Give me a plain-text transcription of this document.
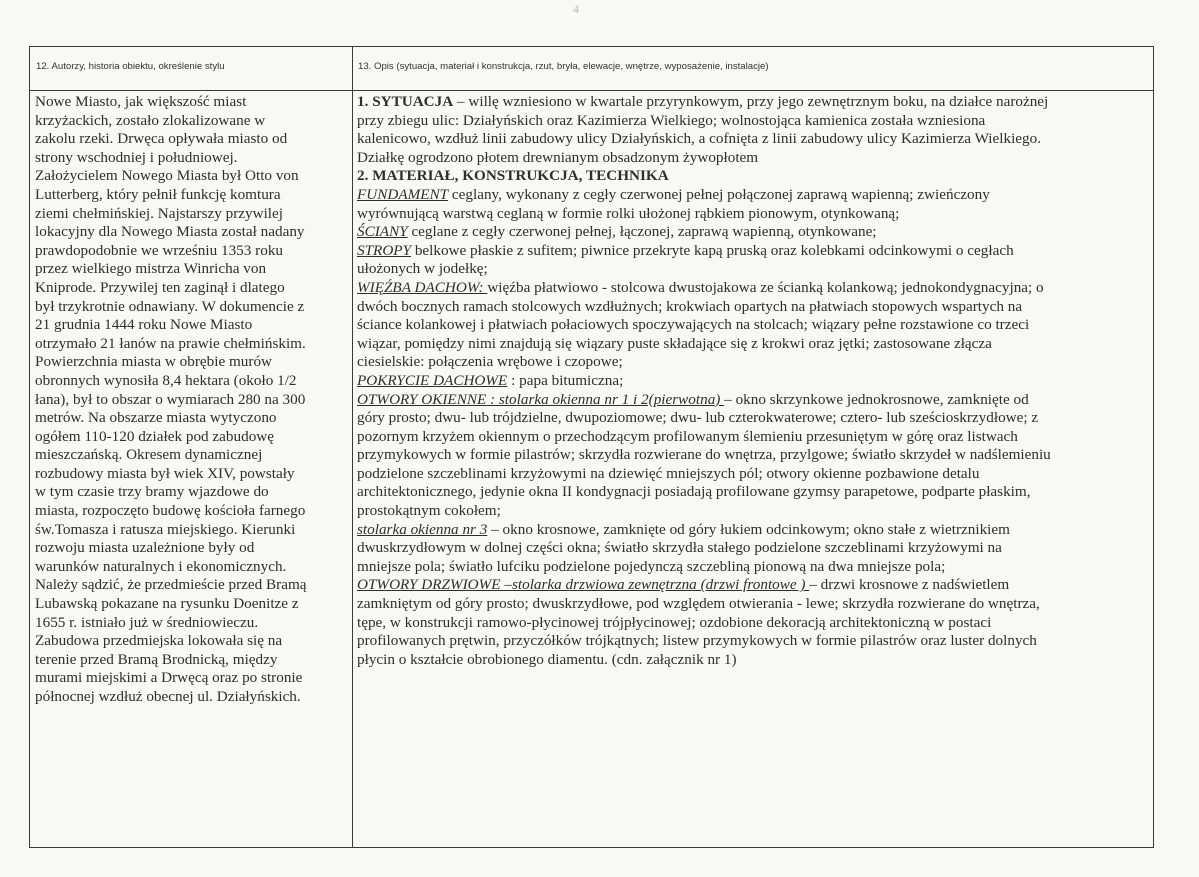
4
12. Autorzy, historia obiektu, określenie stylu	13. Opis (sytuacja, materiał i konstrukcja, rzut, bryła, elewacje, wnętrze, wyposażenie, instalacje)
Nowe Miasto, jak większość miast
krzyżackich, zostało zlokalizowane w
zakolu rzeki. Drwęca opływała miasto od
strony wschodniej i południowej.
Założycielem Nowego Miasta był Otto von
Lutterberg, który pełnił funkcję komtura
ziemi chełmińskiej. Najstarszy przywilej
lokacyjny dla Nowego Miasta został nadany
prawdopodobnie we wrześniu 1353 roku
przez wielkiego mistrza Winricha von
Kniprode. Przywilej ten zaginął i dlatego
był trzykrotnie odnawiany. W dokumencie z
21 grudnia 1444 roku Nowe Miasto
otrzymało 21 łanów na prawie chełmińskim.
Powierzchnia miasta w obrębie murów
obronnych wynosiła 8,4 hektara (około 1/2
łana), był to obszar o wymiarach 280 na 300
metrów. Na obszarze miasta wytyczono
ogółem 110-120 działek pod zabudowę
mieszczańską. Okresem dynamicznej
rozbudowy miasta był wiek XIV, powstały
w tym czasie trzy bramy wjazdowe do
miasta, rozpoczęto budowę kościoła farnego
św.Tomasza i ratusza miejskiego. Kierunki
rozwoju miasta uzależnione były od
warunków naturalnych i ekonomicznych.
Należy sądzić, że przedmieście przed Bramą
Lubawską pokazane na rysunku Doenitze z
1655 r. istniało już w średniowieczu.
Zabudowa przedmiejska lokowała się na
terenie przed Bramą Brodnicką, między
murami miejskimi a Drwęcą oraz po stronie
północnej wzdłuż obecnej ul. Działyńskich.
1. SYTUACJA – willę wzniesiono w kwartale przyrynkowym, przy jego zewnętrznym boku, na działce narożnej
przy zbiegu ulic: Działyńskich oraz Kazimierza Wielkiego; wolnostojąca kamienica została wzniesiona
kalenicowo, wzdłuż linii zabudowy ulicy Działyńskich, a cofnięta z linii zabudowy ulicy Kazimierza Wielkiego.
Działkę ogrodzono płotem drewnianym obsadzonym żywopłotem
2. MATERIAŁ, KONSTRUKCJA, TECHNIKA
FUNDAMENT ceglany, wykonany z cegły czerwonej pełnej połączonej zaprawą wapienną; zwieńczony
wyrównującą warstwą ceglaną w formie rolki ułożonej rąbkiem pionowym, otynkowaną;
ŚCIANY ceglane z cegły czerwonej pełnej, łączonej, zaprawą wapienną, otynkowane;
STROPY belkowe płaskie z sufitem; piwnice przekryte kapą pruską oraz kolebkami odcinkowymi o cegłach
ułożonych w jodełkę;
WIĘŹBA DACHOW: więźba płatwiowo - stolcowa dwustojakowa ze ścianką kolankową; jednokondygnacyjna; o
dwóch bocznych ramach stolcowych wzdłużnych; krokwiach opartych na płatwiach stopowych wspartych na
ściance kolankowej i płatwiach połaciowych spoczywających na stolcach; wiązary pełne rozstawione co trzeci
wiązar, pomiędzy nimi znajdują się wiązary puste składające się z krokwi oraz jętki; zastosowane złącza
ciesielskie: połączenia wrębowe i czopowe;
POKRYCIE DACHOWE : papa bitumiczna;
OTWORY OKIENNE : stolarka okienna nr 1 i 2(pierwotna) – okno skrzynkowe jednokrosnowe, zamknięte od
góry prosto; dwu- lub trójdzielne, dwupoziomowe; dwu- lub czterokwaterowe; cztero- lub sześcioskrzydłowe; z
pozornym krzyżem okiennym o przechodzącym profilowanym ślemieniu przesuniętym w górę oraz listwach
przymykowych w formie pilastrów; skrzydła rozwierane do wnętrza, przylgowe; światło skrzydeł w nadślemieniu
podzielone szczeblinami krzyżowymi na dziewięć mniejszych pól; otwory okienne pozbawione detalu
architektonicznego, jedynie okna II kondygnacji posiadają profilowane gzymsy parapetowe, podparte płaskim,
prostokątnym cokołem;
stolarka okienna nr 3 – okno krosnowe, zamknięte od góry łukiem odcinkowym; okno stałe z wietrznikiem
dwuskrzydłowym w dolnej części okna; światło skrzydła stałego podzielone szczeblinami krzyżowymi na
mniejsze pola; światło lufciku podzielone pojedynczą szczebliną pionową na dwa mniejsze pola;
OTWORY DRZWIOWE –stolarka drzwiowa zewnętrzna (drzwi frontowe ) – drzwi krosnowe z nadświetlem
zamkniętym od góry prosto; dwuskrzydłowe, pod względem otwierania - lewe; skrzydła rozwierane do wnętrza,
tępe, w konstrukcji ramowo-płycinowej trójpłycinowej; ozdobione dekoracją architektoniczną w postaci
profilowanych prętwin, przyczółków trójkątnych; listew przymykowych w formie pilastrów oraz luster dolnych
płycin o kształcie obrobionego diamentu. (cdn. załącznik nr 1)
